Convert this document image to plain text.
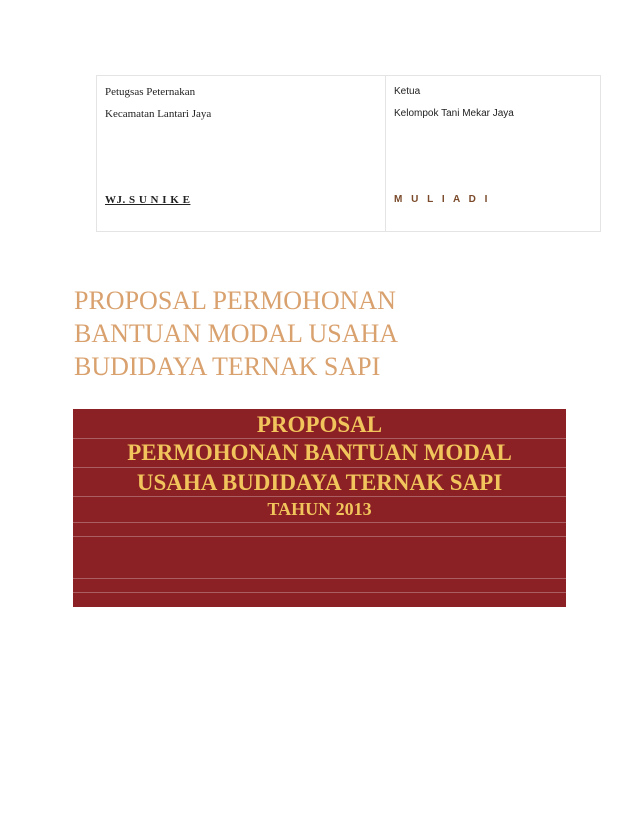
Petugsas Peternakan
Kecamatan Lantari Jaya
WJ. S U N I K E
Ketua
Kelompok Tani Mekar Jaya
M U L I A D I
PROPOSAL PERMOHONAN
BANTUAN MODAL USAHA
BUDIDAYA TERNAK SAPI
PROPOSAL
PERMOHONAN BANTUAN MODAL
USAHA BUDIDAYA TERNAK SAPI
TAHUN 2013
